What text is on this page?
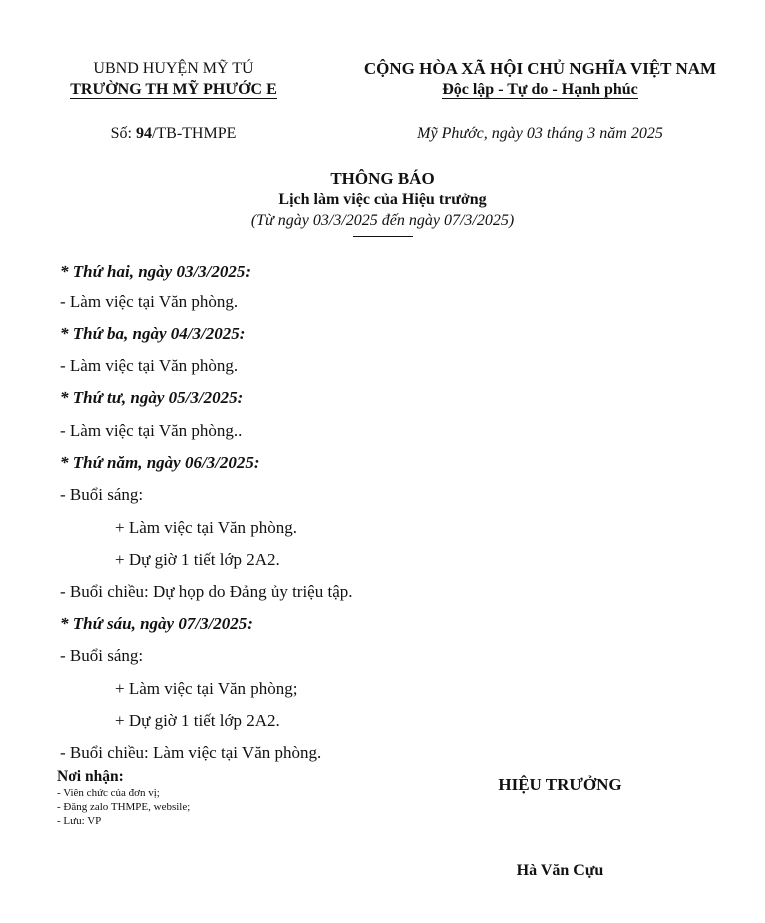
UBND HUYỆN MỸ TÚ
TRƯỜNG TH MỸ PHƯỚC E
CỘNG HÒA XÃ HỘI CHỦ NGHĨA VIỆT NAM
Độc lập - Tự do - Hạnh phúc
Số: 94/TB-THMPE	Mỹ Phước, ngày 03 tháng 3 năm 2025
THÔNG BÁO
Lịch làm việc của Hiệu trưởng
(Từ ngày 03/3/2025 đến ngày 07/3/2025)
* Thứ hai, ngày 03/3/2025:
- Làm việc tại Văn phòng.
* Thứ ba, ngày 04/3/2025:
- Làm việc tại Văn phòng.
* Thứ tư, ngày 05/3/2025:
- Làm việc tại Văn phòng..
* Thứ năm, ngày 06/3/2025:
- Buổi sáng:
+ Làm việc tại Văn phòng.
+ Dự giờ 1 tiết lớp 2A2.
- Buổi chiều: Dự họp do Đảng ủy triệu tập.
* Thứ sáu, ngày 07/3/2025:
- Buổi sáng:
+ Làm việc tại Văn phòng;
+ Dự giờ 1 tiết lớp 2A2.
- Buổi chiều: Làm việc tại Văn phòng.
Nơi nhận:
- Viên chức của đơn vị;
- Đăng zalo THMPE, websile;
- Lưu: VP
HIỆU TRƯỞNG
Hà Văn Cựu
